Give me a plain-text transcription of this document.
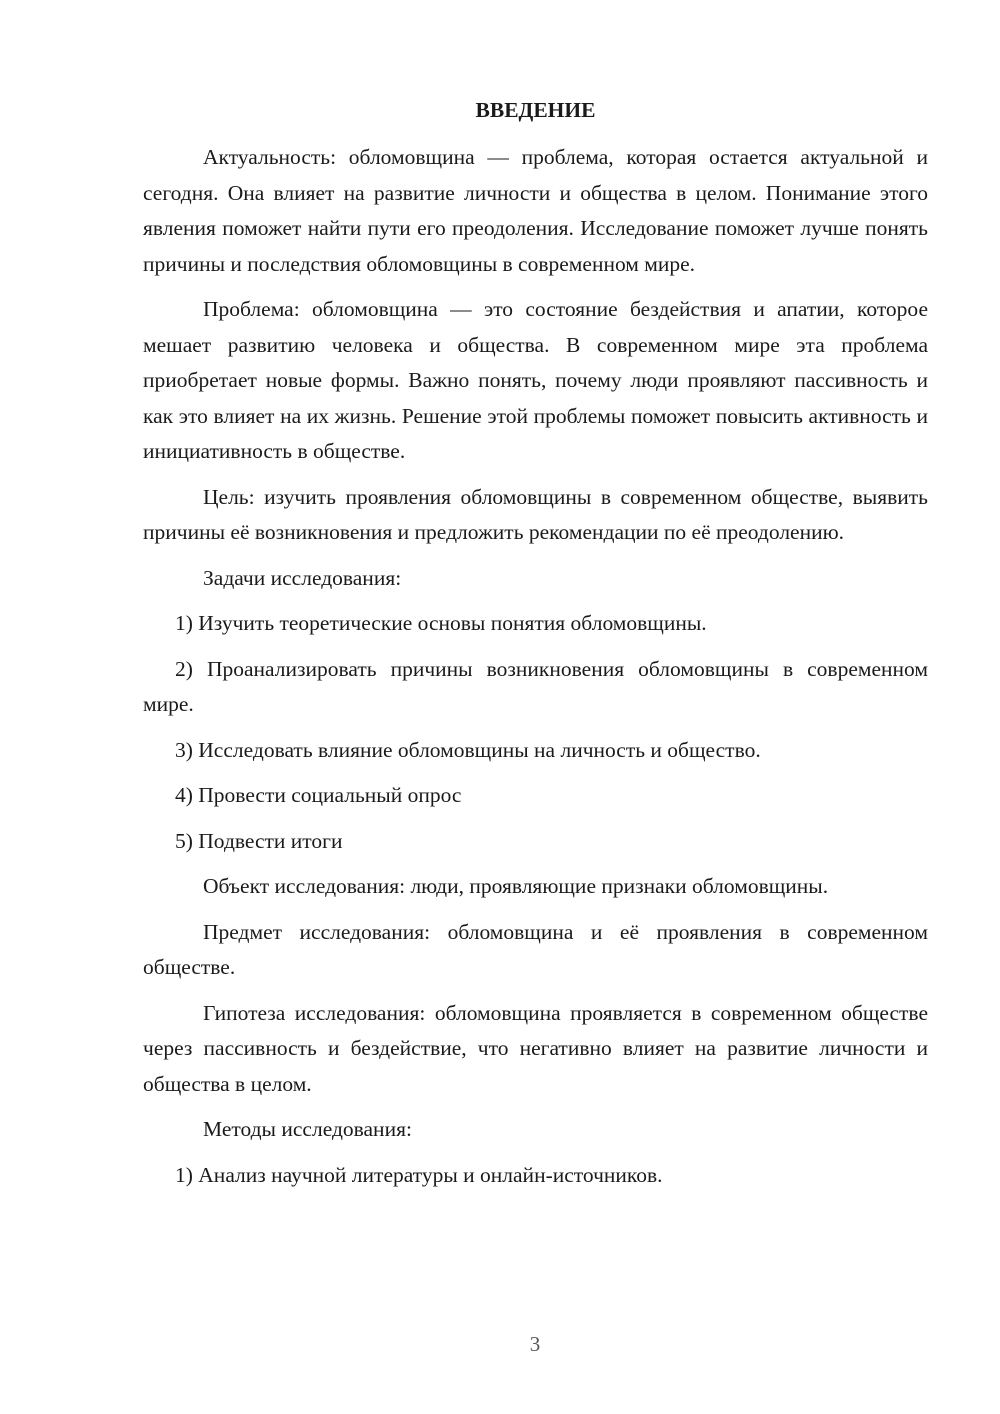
ВВЕДЕНИЕ

Актуальность: обломовщина — проблема, которая остается актуальной и сегодня. Она влияет на развитие личности и общества в целом. Понимание этого явления поможет найти пути его преодоления. Исследование поможет лучше понять причины и последствия обломовщины в современном мире.

Проблема: обломовщина — это состояние бездействия и апатии, которое мешает развитию человека и общества. В современном мире эта проблема приобретает новые формы. Важно понять, почему люди проявляют пассивность и как это влияет на их жизнь. Решение этой проблемы поможет повысить активность и инициативность в обществе.

Цель: изучить проявления обломовщины в современном обществе, выявить причины её возникновения и предложить рекомендации по её преодолению.

Задачи исследования:

1) Изучить теоретические основы понятия обломовщины.

2) Проанализировать причины возникновения обломовщины в современном мире.

3) Исследовать влияние обломовщины на личность и общество.

4) Провести социальный опрос

5) Подвести итоги

Объект исследования: люди, проявляющие признаки обломовщины.

Предмет исследования: обломовщина и её проявления в современном обществе.

Гипотеза исследования: обломовщина проявляется в современном обществе через пассивность и бездействие, что негативно влияет на развитие личности и общества в целом.

Методы исследования:

1) Анализ научной литературы и онлайн-источников.

3
